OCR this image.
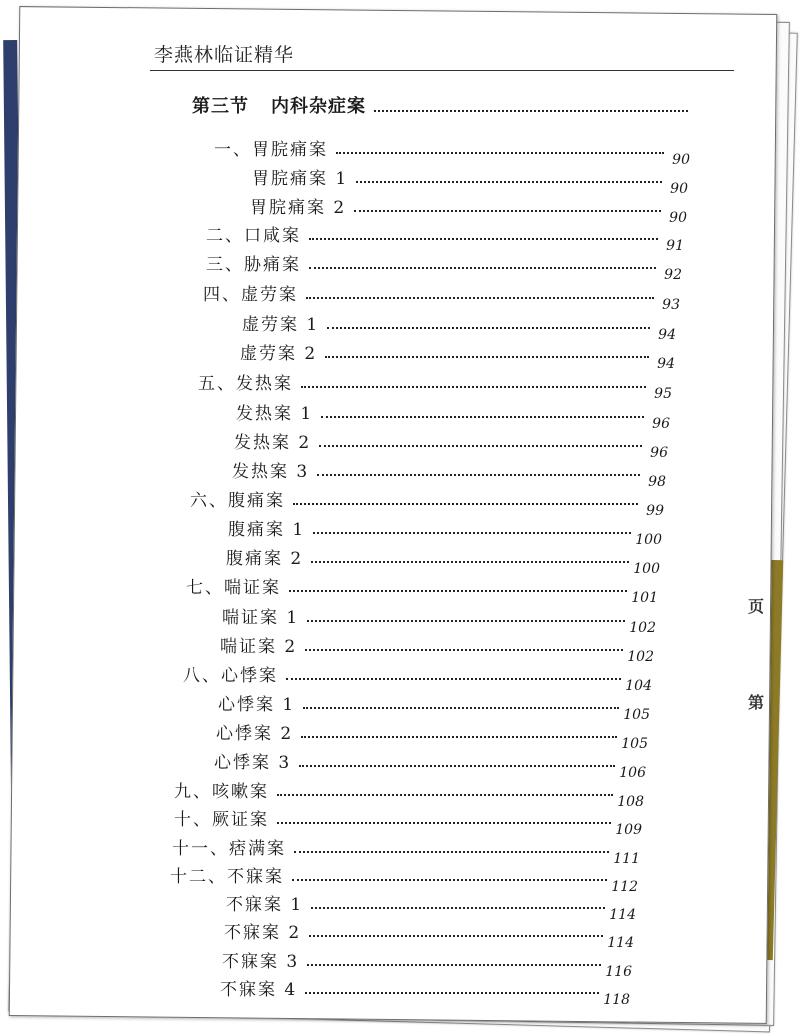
李燕林临证精华
第三节 内科杂症案
一、胃脘痛案	90
胃脘痛案 1	90
胃脘痛案 2	90
二、口咸案	91
三、胁痛案	92
四、虚劳案	93
虚劳案 1	94
虚劳案 2	94
五、发热案	95
发热案 1	96
发热案 2	96
发热案 3	98
六、腹痛案	99
腹痛案 1	100
腹痛案 2	100
七、喘证案	101
喘证案 1	102
喘证案 2	102
八、心悸案	104
心悸案 1	105
心悸案 2	105
心悸案 3	106
九、咳嗽案	108
十、厥证案	109
十一、痞满案	111
十二、不寐案	112
不寐案 1	114
不寐案 2	114
不寐案 3	116
不寐案 4	118
⻚
第
